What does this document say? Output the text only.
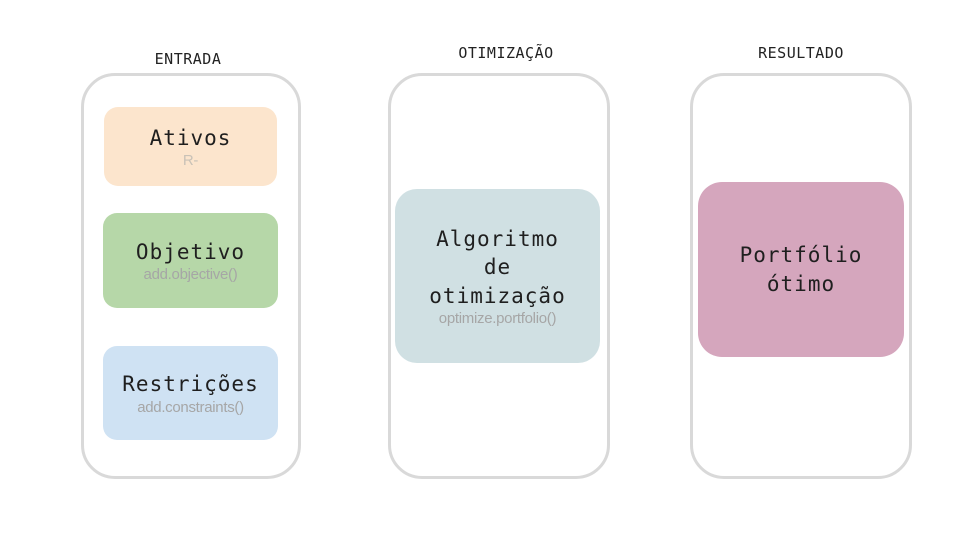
ENTRADA	OTIMIZAÇÃO	RESULTADO
Ativos
R-
Objetivo
add.objective()
Restrições
add.constraints()
Algoritmo
de
otimização
optimize.portfolio()
Portfólio
ótimo
